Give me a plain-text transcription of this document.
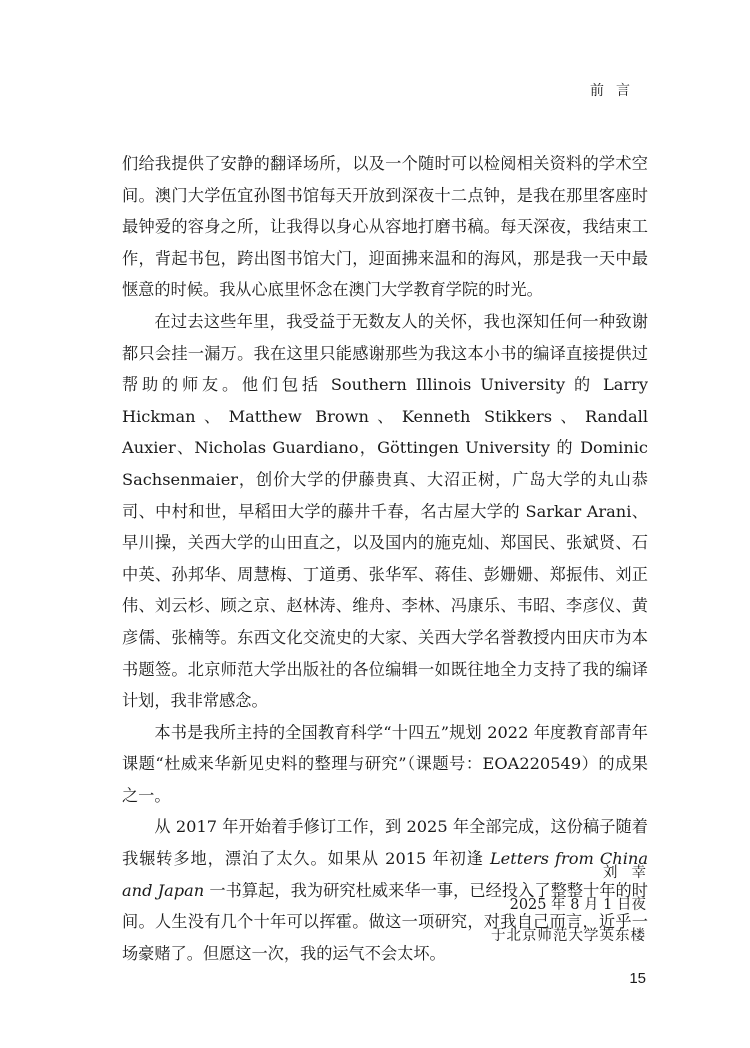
前言

们给我提供了安静的翻译场所，以及一个随时可以检阅相关资料的学术空间。澳门大学伍宜孙图书馆每天开放到深夜十二点钟，是我在那里客座时最钟爱的容身之所，让我得以身心从容地打磨书稿。每天深夜，我结束工作，背起书包，跨出图书馆大门，迎面拂来温和的海风，那是我一天中最惬意的时候。我从心底里怀念在澳门大学教育学院的时光。

在过去这些年里，我受益于无数友人的关怀，我也深知任何一种致谢都只会挂一漏万。我在这里只能感谢那些为我这本小书的编译直接提供过帮助的师友。他们包括 Southern Illinois University 的 Larry Hickman、Matthew Brown、Kenneth Stikkers、Randall Auxier、Nicholas Guardiano，Göttingen University 的 Dominic Sachsenmaier，创价大学的伊藤贵真、大沼正树，广岛大学的丸山恭司、中村和世，早稻田大学的藤井千春，名古屋大学的 Sarkar Arani、早川操，关西大学的山田直之，以及国内的施克灿、郑国民、张斌贤、石中英、孙邦华、周慧梅、丁道勇、张华军、蒋佳、彭姗姗、郑振伟、刘正伟、刘云杉、顾之京、赵林涛、维舟、李林、冯康乐、韦昭、李彦仪、黄彦儒、张楠等。东西文化交流史的大家、关西大学名誉教授内田庆市为本书题签。北京师范大学出版社的各位编辑一如既往地全力支持了我的编译计划，我非常感念。

本书是我所主持的全国教育科学“十四五”规划 2022 年度教育部青年课题“杜威来华新见史料的整理与研究”（课题号：EOA220549）的成果之一。

从 2017 年开始着手修订工作，到 2025 年全部完成，这份稿子随着我辗转多地，漂泊了太久。如果从 2015 年初逢 Letters from China and Japan 一书算起，我为研究杜威来华一事，已经投入了整整十年的时间。人生没有几个十年可以挥霍。做这一项研究，对我自己而言，近乎一场豪赌了。但愿这一次，我的运气不会太坏。

刘幸
2025 年 8 月 1 日夜
于北京师范大学英东楼
15
